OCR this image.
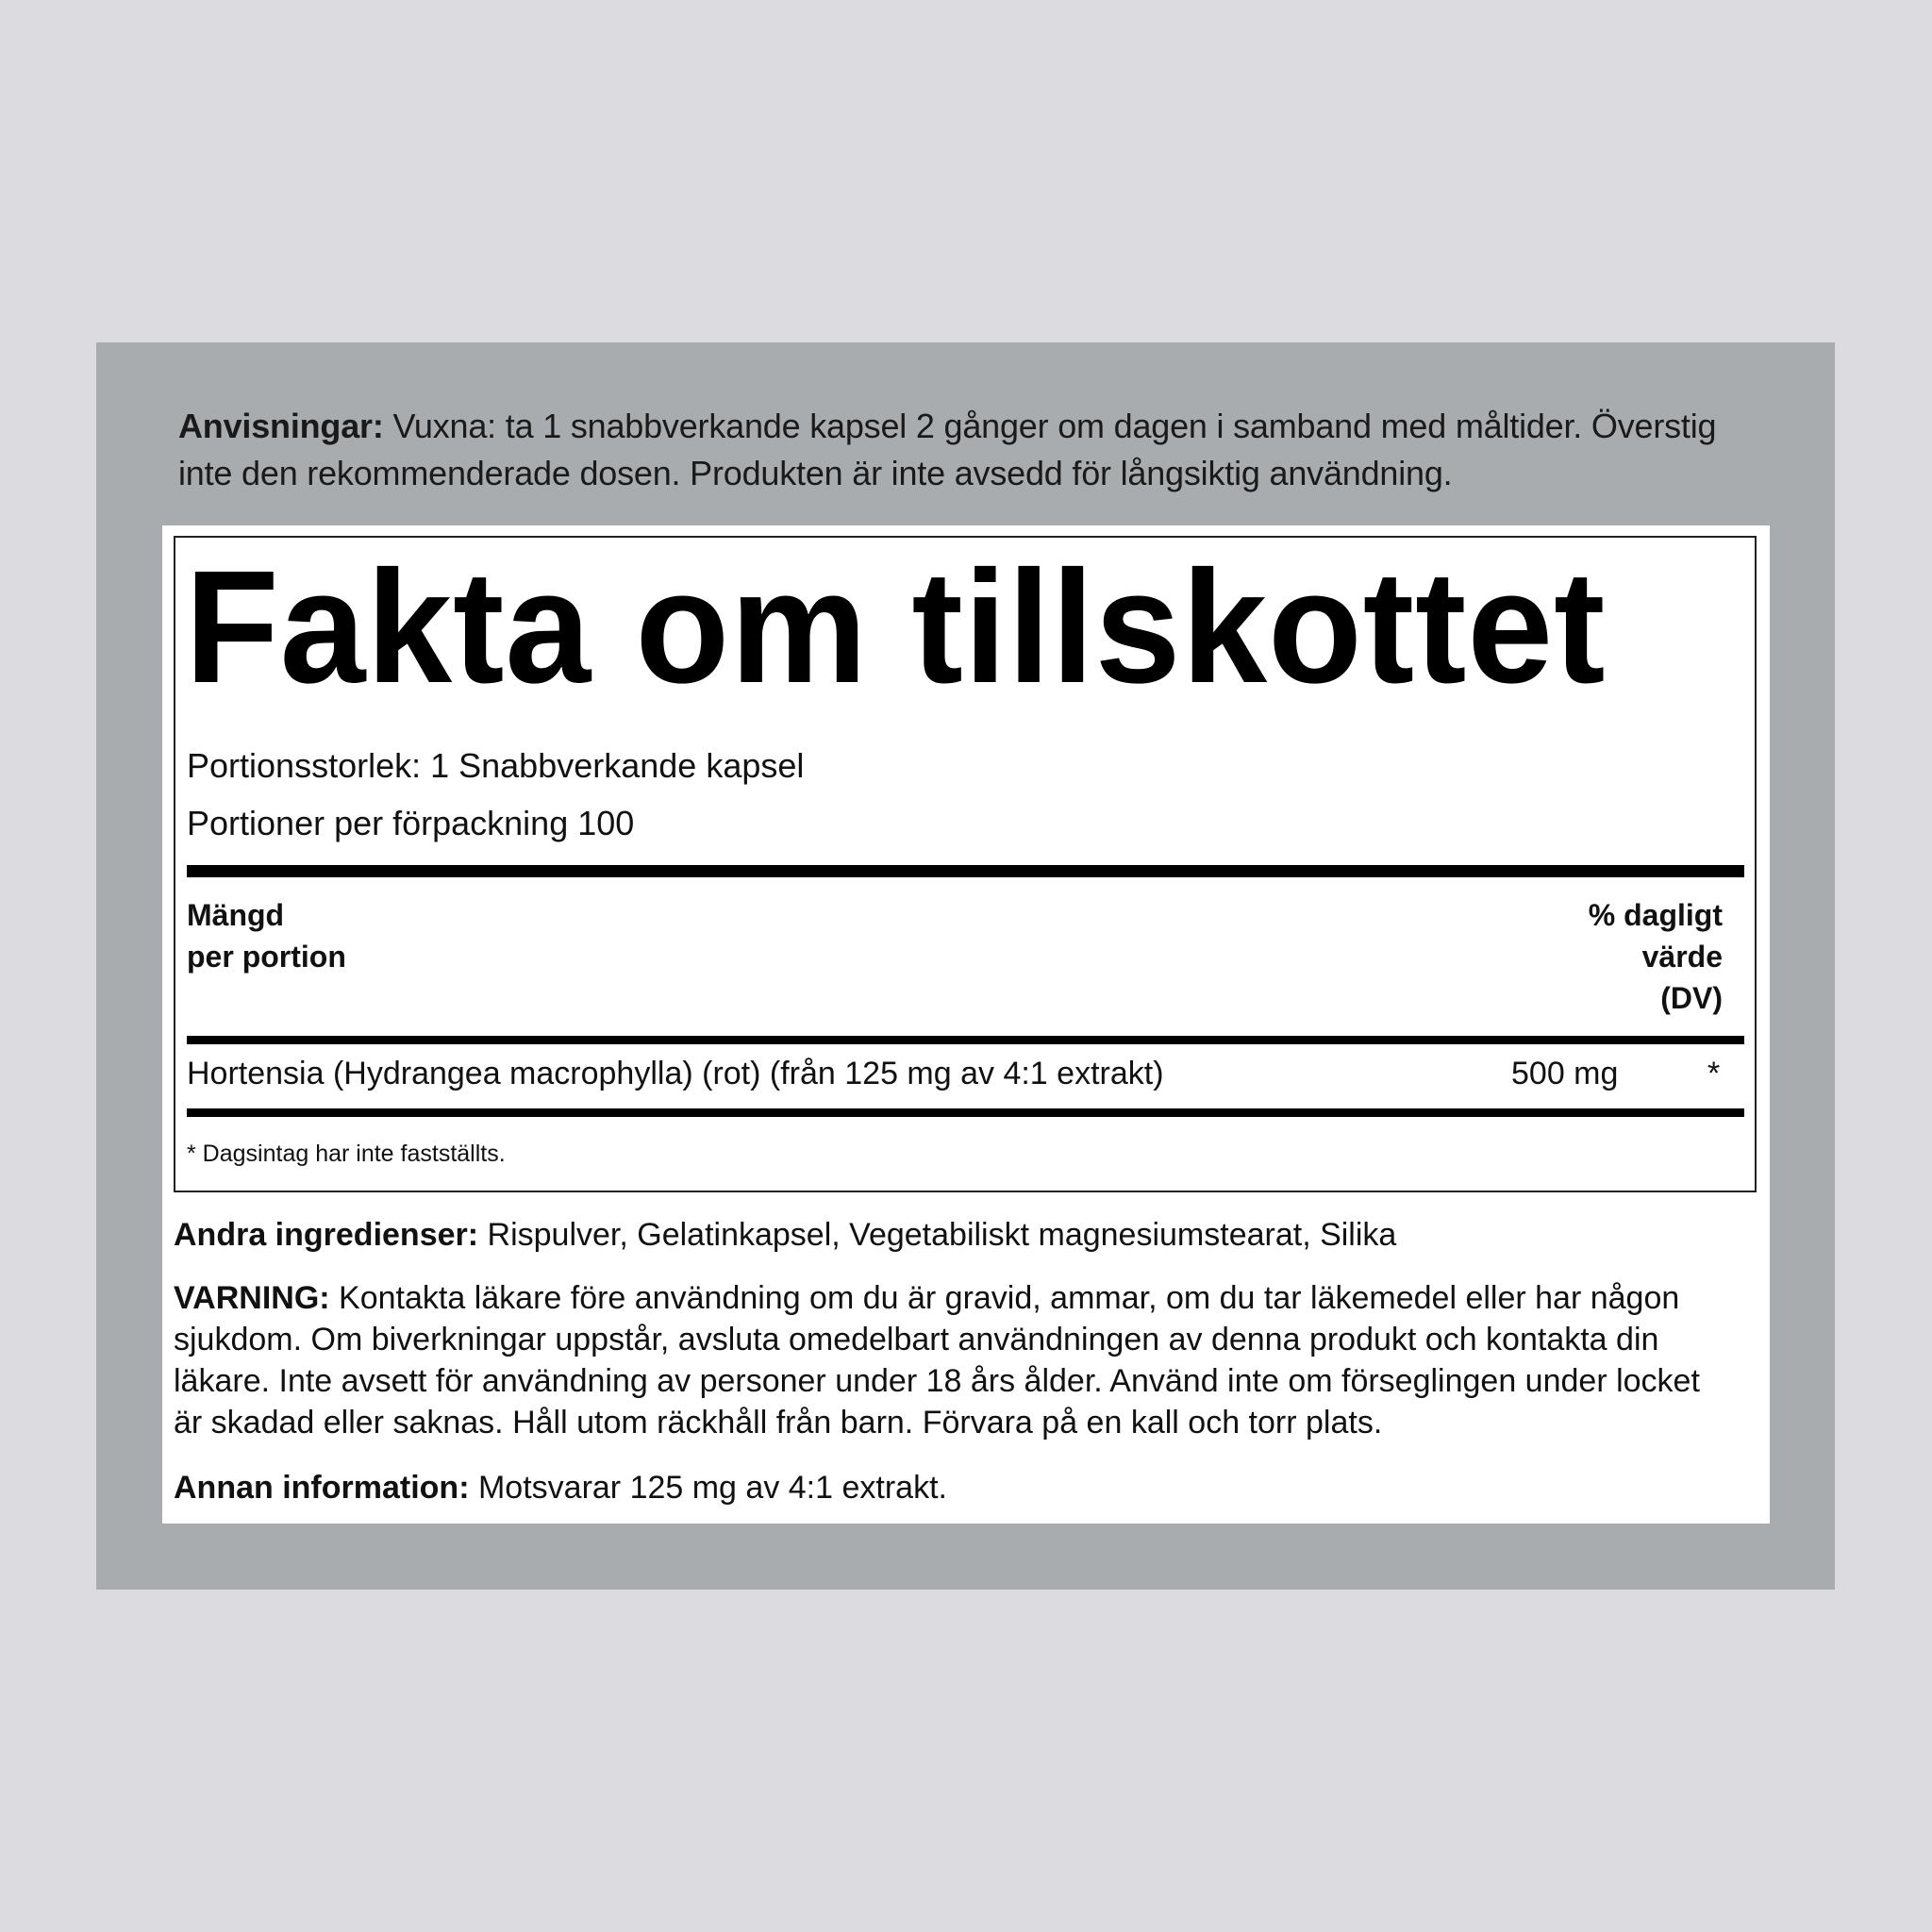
Anvisningar: Vuxna: ta 1 snabbverkande kapsel 2 gånger om dagen i samband med måltider. Överstig inte den rekommenderade dosen. Produkten är inte avsedd för långsiktig användning.
Fakta om tillskottet
Portionsstorlek: 1 Snabbverkande kapsel
Portioner per förpackning 100
Mängd
per portion
% dagligt
värde
(DV)
Hortensia (Hydrangea macrophylla) (rot) (från 125 mg av 4:1 extrakt)	500 mg	*
* Dagsintag har inte fastställts.
Andra ingredienser: Rispulver, Gelatinkapsel, Vegetabiliskt magnesiumstearat, Silika
VARNING: Kontakta läkare före användning om du är gravid, ammar, om du tar läkemedel eller har någon sjukdom. Om biverkningar uppstår, avsluta omedelbart användningen av denna produkt och kontakta din läkare. Inte avsett för användning av personer under 18 års ålder. Använd inte om förseglingen under locket är skadad eller saknas. Håll utom räckhåll från barn. Förvara på en kall och torr plats.
Annan information: Motsvarar 125 mg av 4:1 extrakt.
